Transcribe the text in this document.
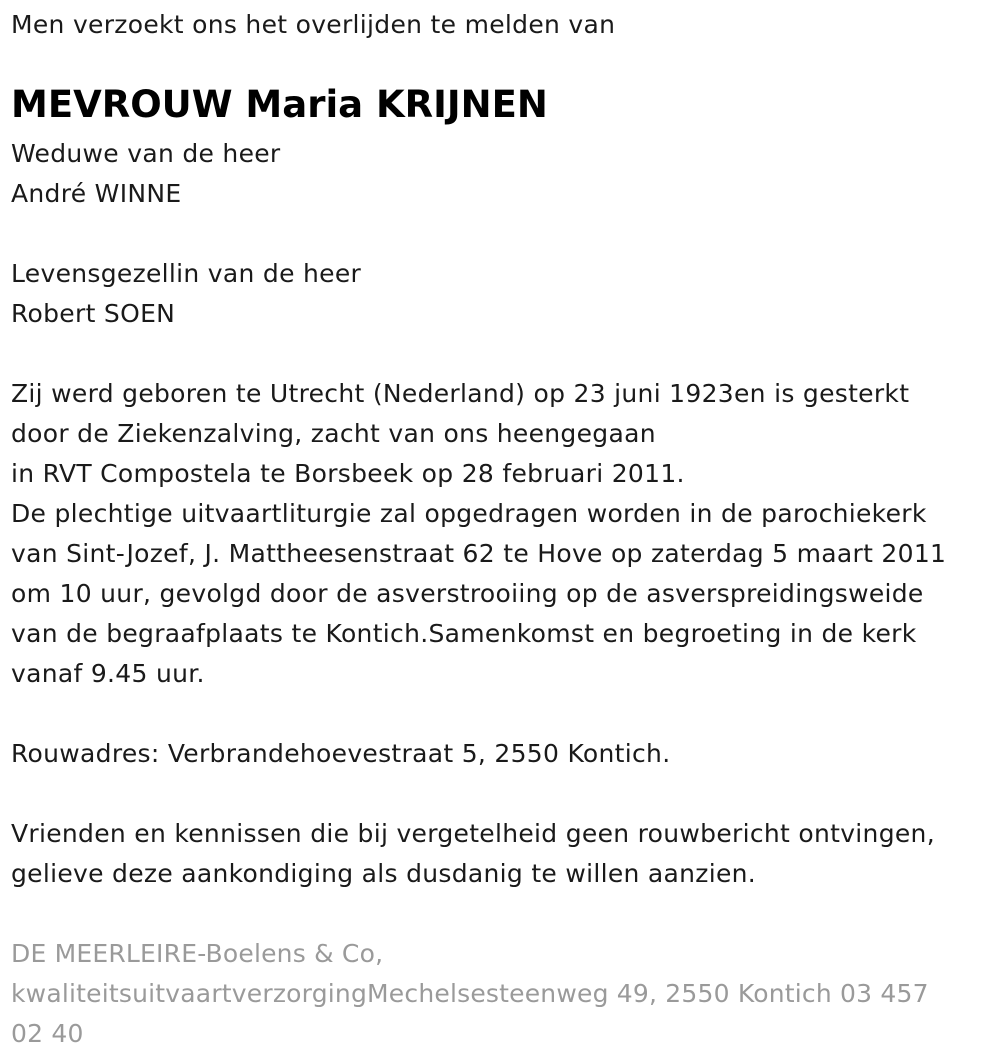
Men verzoekt ons het overlijden te melden van
MEVROUW Maria KRIJNEN
Weduwe van de heer
André WINNE
Levensgezellin van de heer
Robert SOEN
Zij werd geboren te Utrecht (Nederland) op 23 juni 1923en is gesterkt
door de Ziekenzalving, zacht van ons heengegaan
in RVT Compostela te Borsbeek op 28 februari 2011.
De plechtige uitvaartliturgie zal opgedragen worden in de parochiekerk
van Sint-Jozef, J. Mattheesenstraat 62 te Hove op zaterdag 5 maart 2011
om 10 uur, gevolgd door de asverstrooiing op de asverspreidingsweide
van de begraafplaats te Kontich.Samenkomst en begroeting in de kerk
vanaf 9.45 uur.
Rouwadres: Verbrandehoevestraat 5, 2550 Kontich.
Vrienden en kennissen die bij vergetelheid geen rouwbericht ontvingen,
gelieve deze aankondiging als dusdanig te willen aanzien.
DE MEERLEIRE-Boelens & Co,
kwaliteitsuitvaartverzorgingMechelsesteenweg 49, 2550 Kontich 03 457
02 40
